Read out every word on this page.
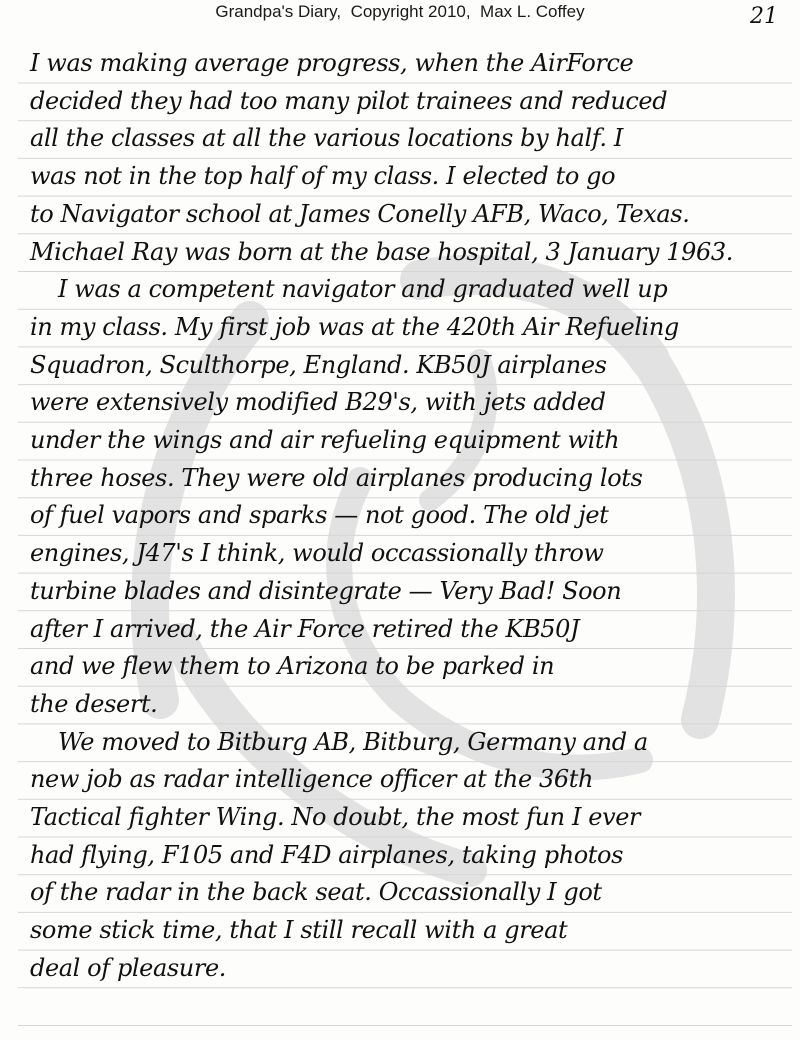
Grandpa's Diary,  Copyright 2010,  Max L. Coffey	21
I was making average progress, when the AirForce
decided they had too many pilot trainees and reduced
all the classes at all the various locations by half. I
was not in the top half of my class. I elected to go
to Navigator school at James Conelly AFB, Waco, Texas.
Michael Ray was born at the base hospital, 3 January 1963.
I was a competent navigator and graduated well up
in my class. My first job was at the 420th Air Refueling
Squadron, Sculthorpe, England. KB50J airplanes
were extensively modified B29's, with jets added
under the wings and air refueling equipment with
three hoses. They were old airplanes producing lots
of fuel vapors and sparks — not good. The old jet
engines, J47's I think, would occassionally throw
turbine blades and disintegrate — Very Bad! Soon
after I arrived, the Air Force retired the KB50J
and we flew them to Arizona to be parked in
the desert.
We moved to Bitburg AB, Bitburg, Germany and a
new job as radar intelligence officer at the 36th
Tactical fighter Wing. No doubt, the most fun I ever
had flying, F105 and F4D airplanes, taking photos
of the radar in the back seat. Occassionally I got
some stick time, that I still recall with a great
deal of pleasure.
